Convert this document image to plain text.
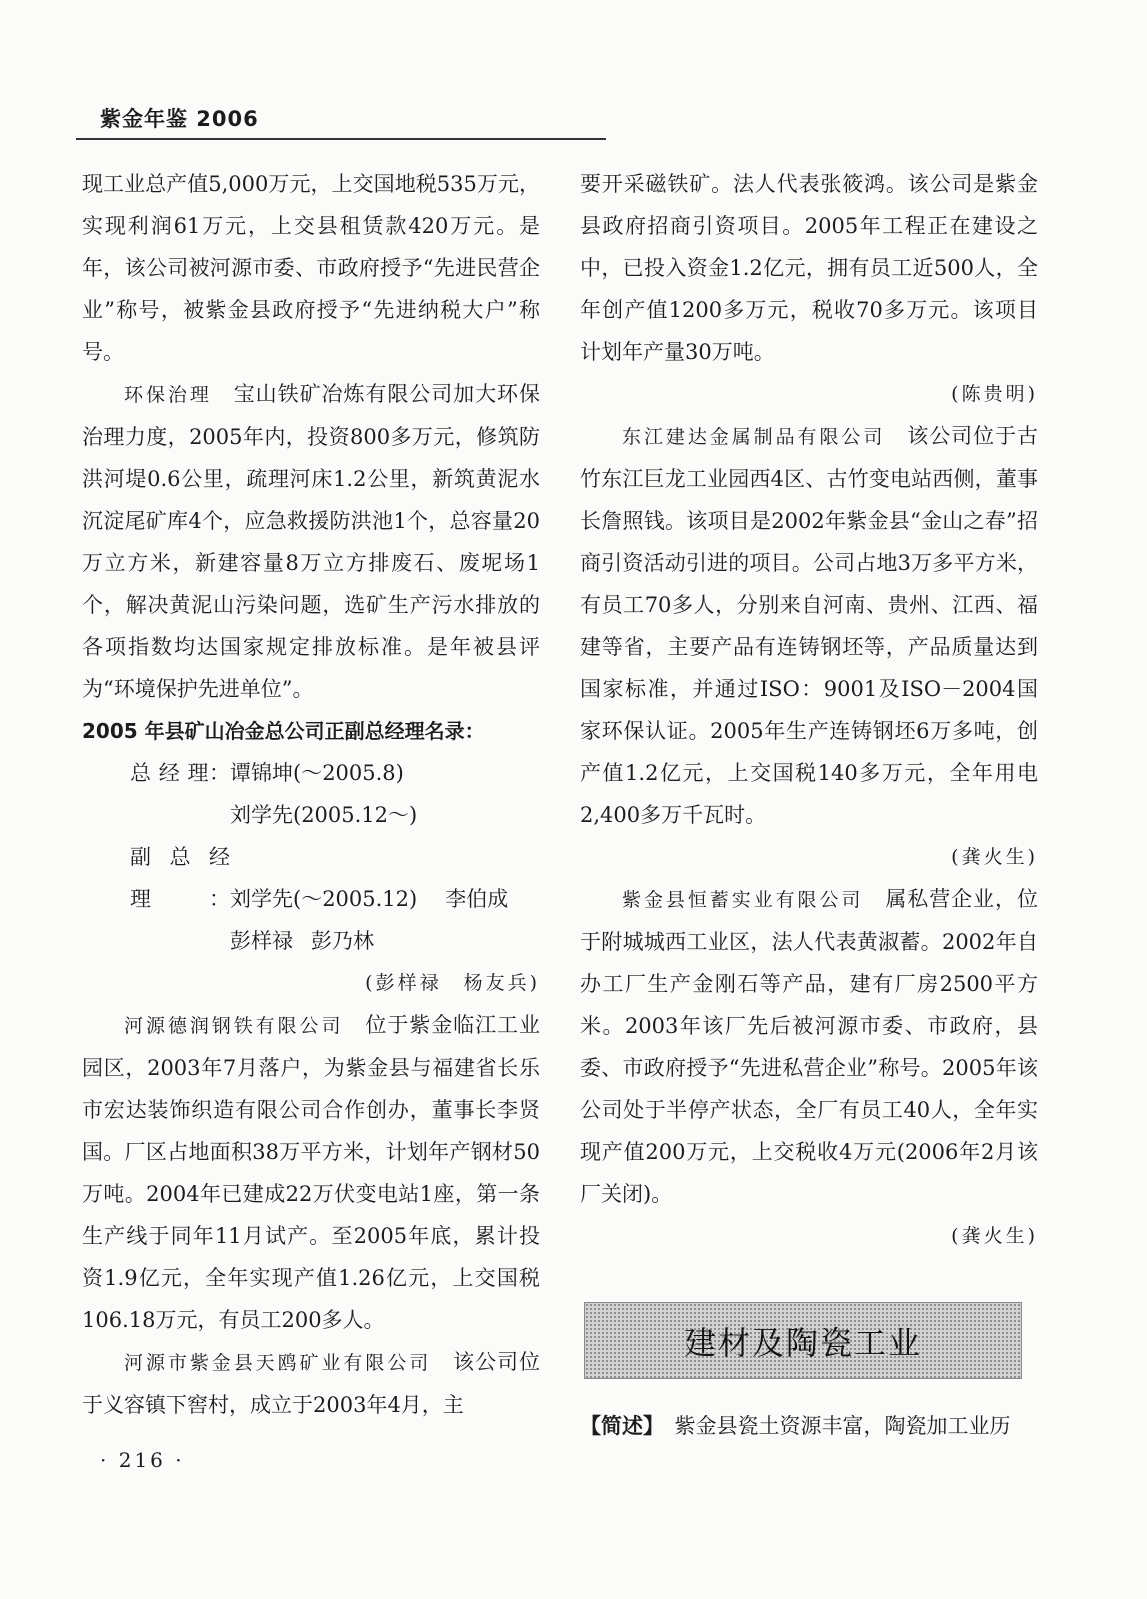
紫金年鉴 2006

现工业总产值5,000万元，上交国地税535万元，实现利润61万元，上交县租赁款420万元。是年，该公司被河源市委、市政府授予“先进民营企业”称号，被紫金县政府授予“先进纳税大户”称号。

环保治理　 宝山铁矿冶炼有限公司加大环保治理力度，2005年内，投资800多万元，修筑防洪河堤0.6公里，疏理河床1.2公里，新筑黄泥水沉淀尾矿库4个，应急救援防洪池1个，总容量20万立方米，新建容量8万立方排废石、废坭场1个，解决黄泥山污染问题，选矿生产污水排放的各项指数均达国家规定排放标准。是年被县评为“环境保护先进单位”。

2005 年县矿山冶金总公司正副总经理名录：
总 经 理：谭锦坤(～2005.8)
刘学先(2005.12～)
副总经理：刘学先(～2005.12) 李伯成
彭样禄 彭乃林

(彭样禄　杨友兵)

河源德润钢铁有限公司　 位于紫金临江工业园区，2003年7月落户，为紫金县与福建省长乐市宏达装饰织造有限公司合作创办，董事长李贤国。厂区占地面积38万平方米，计划年产钢材50万吨。2004年已建成22万伏变电站1座，第一条生产线于同年11月试产。至2005年底，累计投资1.9亿元，全年实现产值1.26亿元，上交国税106.18万元，有员工200多人。

河源市紫金县天鸥矿业有限公司　 该公司位于义容镇下窖村，成立于2003年4月，主

要开采磁铁矿。法人代表张筱鸿。该公司是紫金县政府招商引资项目。2005年工程正在建设之中，已投入资金1.2亿元，拥有员工近500人，全年创产值1200多万元，税收70多万元。该项目计划年产量30万吨。

(陈贵明)

东江建达金属制品有限公司　 该公司位于古竹东江巨龙工业园西4区、古竹变电站西侧，董事长詹照钱。该项目是2002年紫金县“金山之春”招商引资活动引进的项目。公司占地3万多平方米，有员工70多人，分别来自河南、贵州、江西、福建等省，主要产品有连铸钢坯等，产品质量达到国家标准，并通过ISO：9001及ISO－2004国家环保认证。2005年生产连铸钢坯6万多吨，创产值1.2亿元，上交国税140多万元，全年用电2,400多万千瓦时。

(龚火生)

紫金县恒蓄实业有限公司　 属私营企业，位于附城城西工业区，法人代表黄淑蓄。2002年自办工厂生产金刚石等产品，建有厂房2500平方米。2003年该厂先后被河源市委、市政府，县委、市政府授予“先进私营企业”称号。2005年该公司处于半停产状态，全厂有员工40人，全年实现产值200万元，上交税收4万元(2006年2月该厂关闭)。

(龚火生)

建材及陶瓷工业
【简述】　 紫金县瓷土资源丰富，陶瓷加工业历
· 216 ·
